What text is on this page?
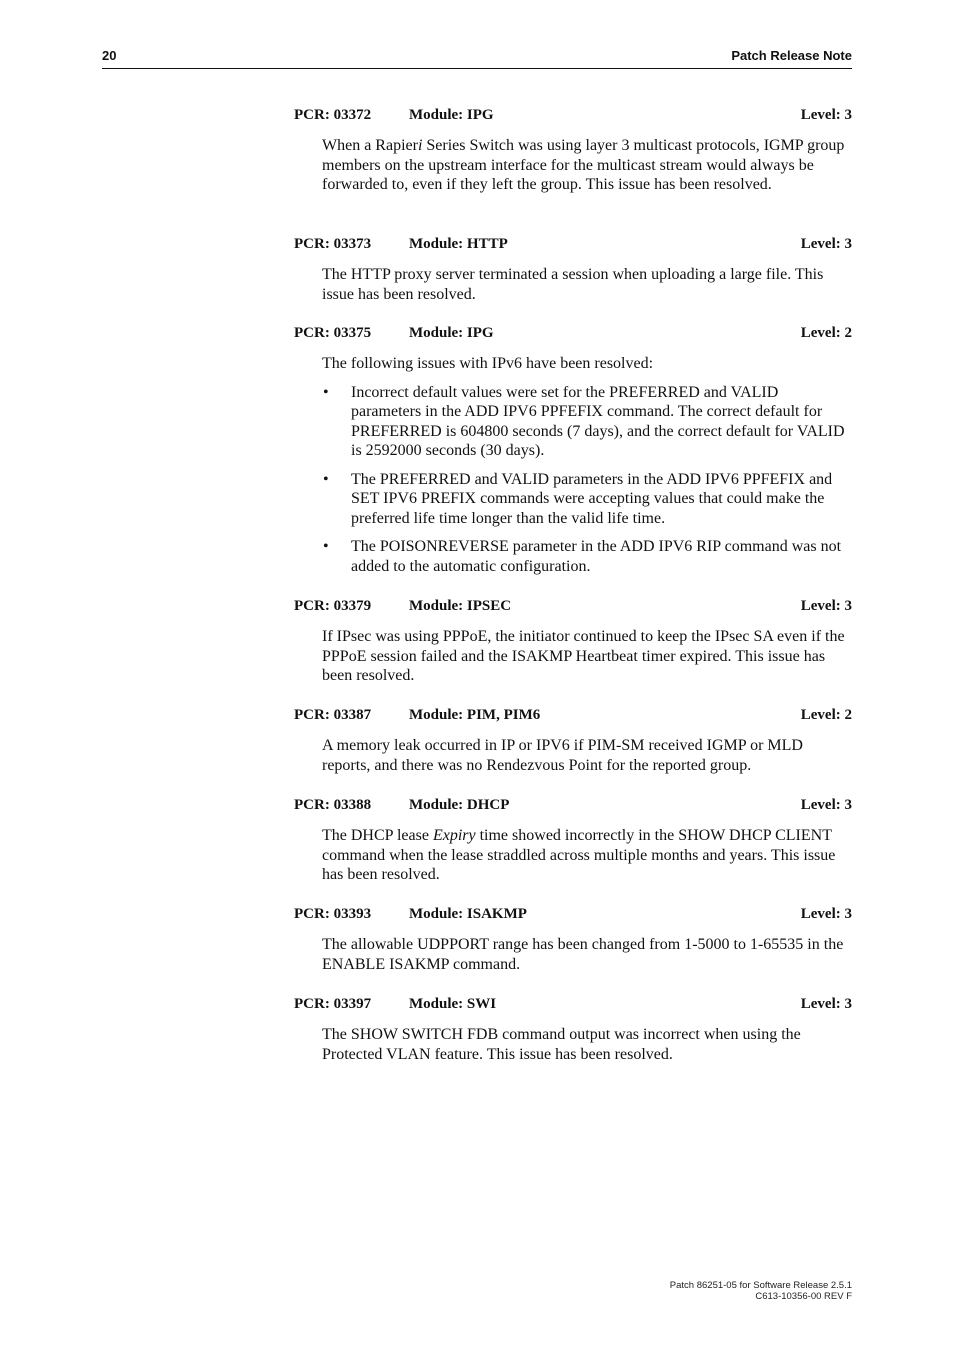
20	Patch Release Note
PCR: 03372	Module: IPG	Level: 3

When a Rapieri Series Switch was using layer 3 multicast protocols, IGMP group members on the upstream interface for the multicast stream would always be forwarded to, even if they left the group. This issue has been resolved.

PCR: 03373	Module: HTTP	Level: 3

The HTTP proxy server terminated a session when uploading a large file. This issue has been resolved.

PCR: 03375	Module: IPG	Level: 2

The following issues with IPv6 have been resolved:

• Incorrect default values were set for the PREFERRED and VALID parameters in the ADD IPV6 PPFEFIX command. The correct default for PREFERRED is 604800 seconds (7 days), and the correct default for VALID is 2592000 seconds (30 days).
• The PREFERRED and VALID parameters in the ADD IPV6 PPFEFIX and SET IPV6 PREFIX commands were accepting values that could make the preferred life time longer than the valid life time.
• The POISONREVERSE parameter in the ADD IPV6 RIP command was not added to the automatic configuration.
PCR: 03379	Module: IPSEC	Level: 3

If IPsec was using PPPoE, the initiator continued to keep the IPsec SA even if the PPPoE session failed and the ISAKMP Heartbeat timer expired. This issue has been resolved.

PCR: 03387	Module: PIM, PIM6	Level: 2

A memory leak occurred in IP or IPV6 if PIM-SM received IGMP or MLD reports, and there was no Rendezvous Point for the reported group.

PCR: 03388	Module: DHCP	Level: 3

The DHCP lease Expiry time showed incorrectly in the SHOW DHCP CLIENT command when the lease straddled across multiple months and years. This issue has been resolved.

PCR: 03393	Module: ISAKMP	Level: 3

The allowable UDPPORT range has been changed from 1-5000 to 1-65535 in the ENABLE ISAKMP command.

PCR: 03397	Module: SWI	Level: 3

The SHOW SWITCH FDB command output was incorrect when using the Protected VLAN feature. This issue has been resolved.

Patch 86251-05 for Software Release 2.5.1
C613-10356-00 REV F
